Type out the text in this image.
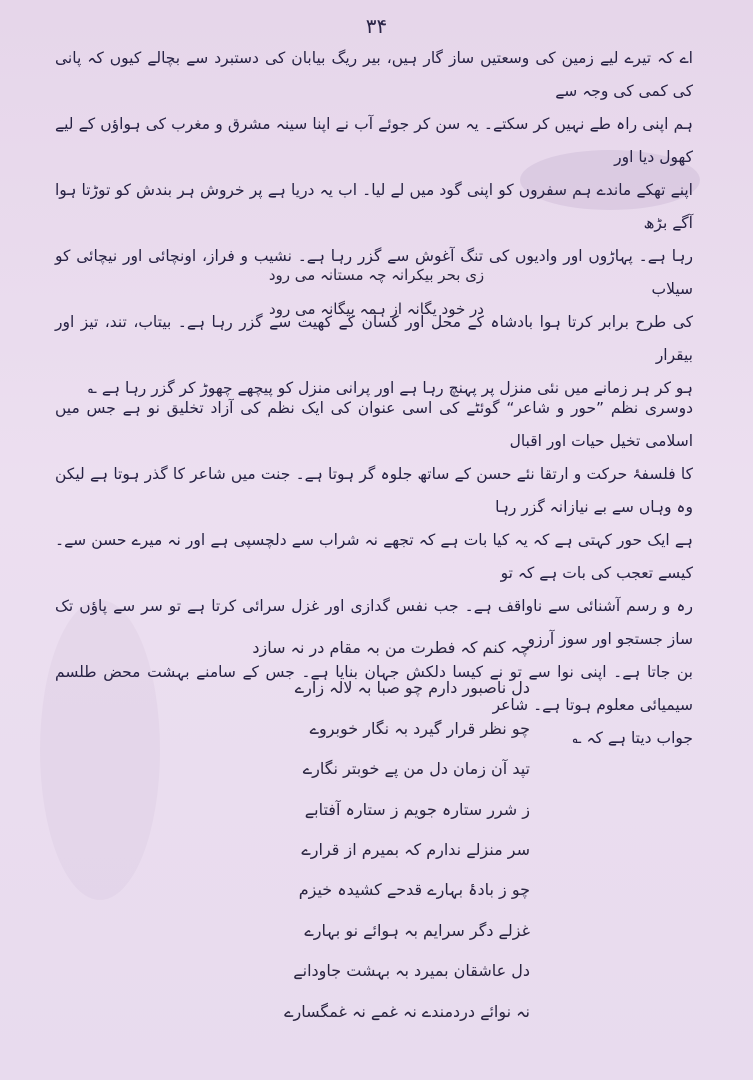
۳۴
اے کہ تیرے لیے زمین کی وسعتیں ساز گار ہیں، بیر ریگ بیابان کی دستبرد سے بچالے کیوں کہ پانی کی کمی کی وجہ سے
ہم اپنی راہ طے نہیں کر سکتے۔ یہ سن کر جوئے آب نے اپنا سینہ مشرق و مغرب کی ہواؤں کے لیے کھول دیا اور
اپنے تھکے ماندے ہم سفروں کو اپنی گود میں لے لیا۔ اب یہ دریا ہے پر خروش ہر بندش کو توڑتا ہوا آگے بڑھ
رہا ہے۔ پہاڑوں اور وادیوں کی تنگ آغوش سے گزر رہا ہے۔ نشیب و فراز، اونچائی اور نیچائی کو سیلاب
کی طرح برابر کرتا ہوا بادشاہ کے محل اور کسان کے کھیت سے گزر رہا ہے۔ بیتاب، تند، تیز اور بیقرار
ہو کر ہر زمانے میں نئی منزل پر پہنچ رہا ہے اور پرانی منزل کو پیچھے چھوڑ کر گزر رہا ہے ؎
زی بحر بیکرانہ چہ مستانہ می رود
در خود یگانہ از ہمہ بیگانہ می رود
دوسری نظم ”حور و شاعر“ گوئٹے کی اسی عنوان کی ایک نظم کی آزاد تخلیق نو ہے جس میں اسلامی تخیل حیات اور اقبال
کا فلسفۂ حرکت و ارتقا نئے حسن کے ساتھ جلوہ گر ہوتا ہے۔ جنت میں شاعر کا گذر ہوتا ہے لیکن وہ وہاں سے بے نیازانہ گزر رہا
ہے ایک حور کہتی ہے کہ یہ کیا بات ہے کہ تجھے نہ شراب سے دلچسپی ہے اور نہ میرے حسن سے۔ کیسے تعجب کی بات ہے کہ تو
رہ و رسم آشنائی سے ناواقف ہے۔ جب نفس گدازی اور غزل سرائی کرتا ہے تو سر سے پاؤں تک ساز جستجو اور سوز آرزو
بن جاتا ہے۔ اپنی نوا سے تو نے کیسا دلکش جہان بنایا ہے۔ جس کے سامنے بہشت محض طلسم سیمیائی معلوم ہوتا ہے۔ شاعر
جواب دیتا ہے کہ ؎
چہ کنم کہ فطرت من بہ مقام در نہ سازد
دل ناصبور دارم چو صبا بہ لالہ زارے
چو نظر قرار گیرد بہ نگار خوبروے
تپد آن زمان دل من پے خوبتر نگارے
ز شرر ستارہ جویم ز ستارہ آفتابے
سر منزلے ندارم کہ بمیرم از قرارے
چو ز بادۂ بہارے قدحے کشیدہ خیزم
غزلے دگر سرایم بہ ہوائے نو بہارے
دل عاشقان بمیرد بہ بہشت جاودانے
نہ نوائے دردمندے نہ غمے نہ غمگسارے
